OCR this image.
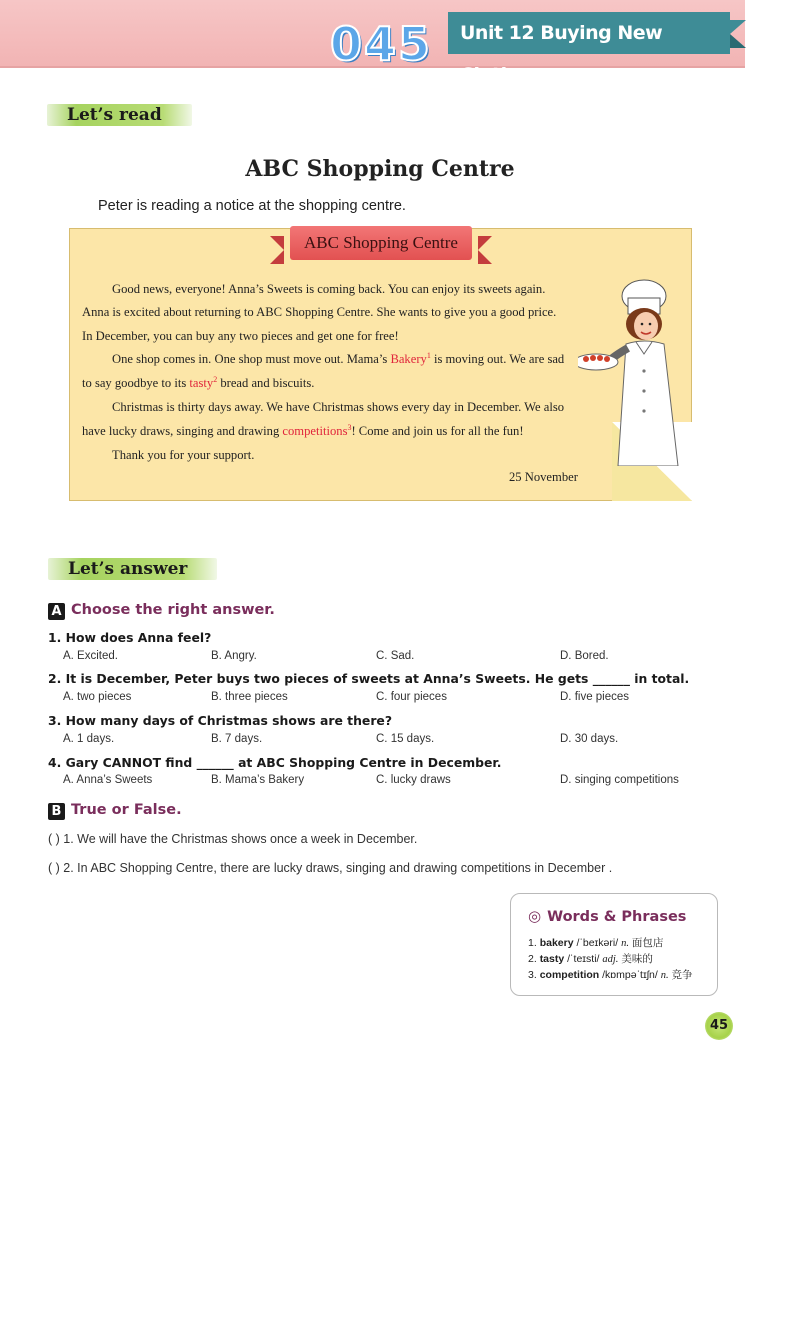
045	Unit 12 Buying New Clothes
Let’s read
ABC Shopping Centre
Peter is reading a notice at the shopping centre.
ABC Shopping Centre
Good news, everyone! Anna’s Sweets is coming back. You can enjoy its sweets again.
Anna is excited about returning to ABC Shopping Centre. She wants to give you a good price.
In December, you can buy any two pieces and get one for free!
One shop comes in. One shop must move out. Mama’s Bakery$^1$ is moving out. We are sad
to say goodbye to its tasty$^2$ bread and biscuits.
Christmas is thirty days away. We have Christmas shows every day in December. We also
have lucky draws, singing and drawing competitions$^3$! Come and join us for all the fun!
Thank you for your support.
25 November
Let’s answer
A Choose the right answer.
1. How does Anna feel?
A. Excited.	B. Angry.	C. Sad.	D. Bored.
2. It is December, Peter buys two pieces of sweets at Anna’s Sweets. He gets ______ in total.
A. two pieces	B. three pieces	C. four pieces	D. five pieces
3. How many days of Christmas shows are there?
A. 1 days.	B. 7 days.	C. 15 days.	D. 30 days.
4. Gary CANNOT find ______ at ABC Shopping Centre in December.
A. Anna’s Sweets	B. Mama’s Bakery	C. lucky draws	D. singing competitions
B True or False.
( ) 1. We will have the Christmas shows once a week in December.
( ) 2. In ABC Shopping Centre, there are lucky draws, singing and drawing competitions in December .
◎ Words & Phrases
1. bakery /ˈbeɪkəri/ n. 面包店
2. tasty /ˈteɪsti/ adj. 美味的
3. competition /kɒmpəˈtɪʃn/ n. 竞争
45
